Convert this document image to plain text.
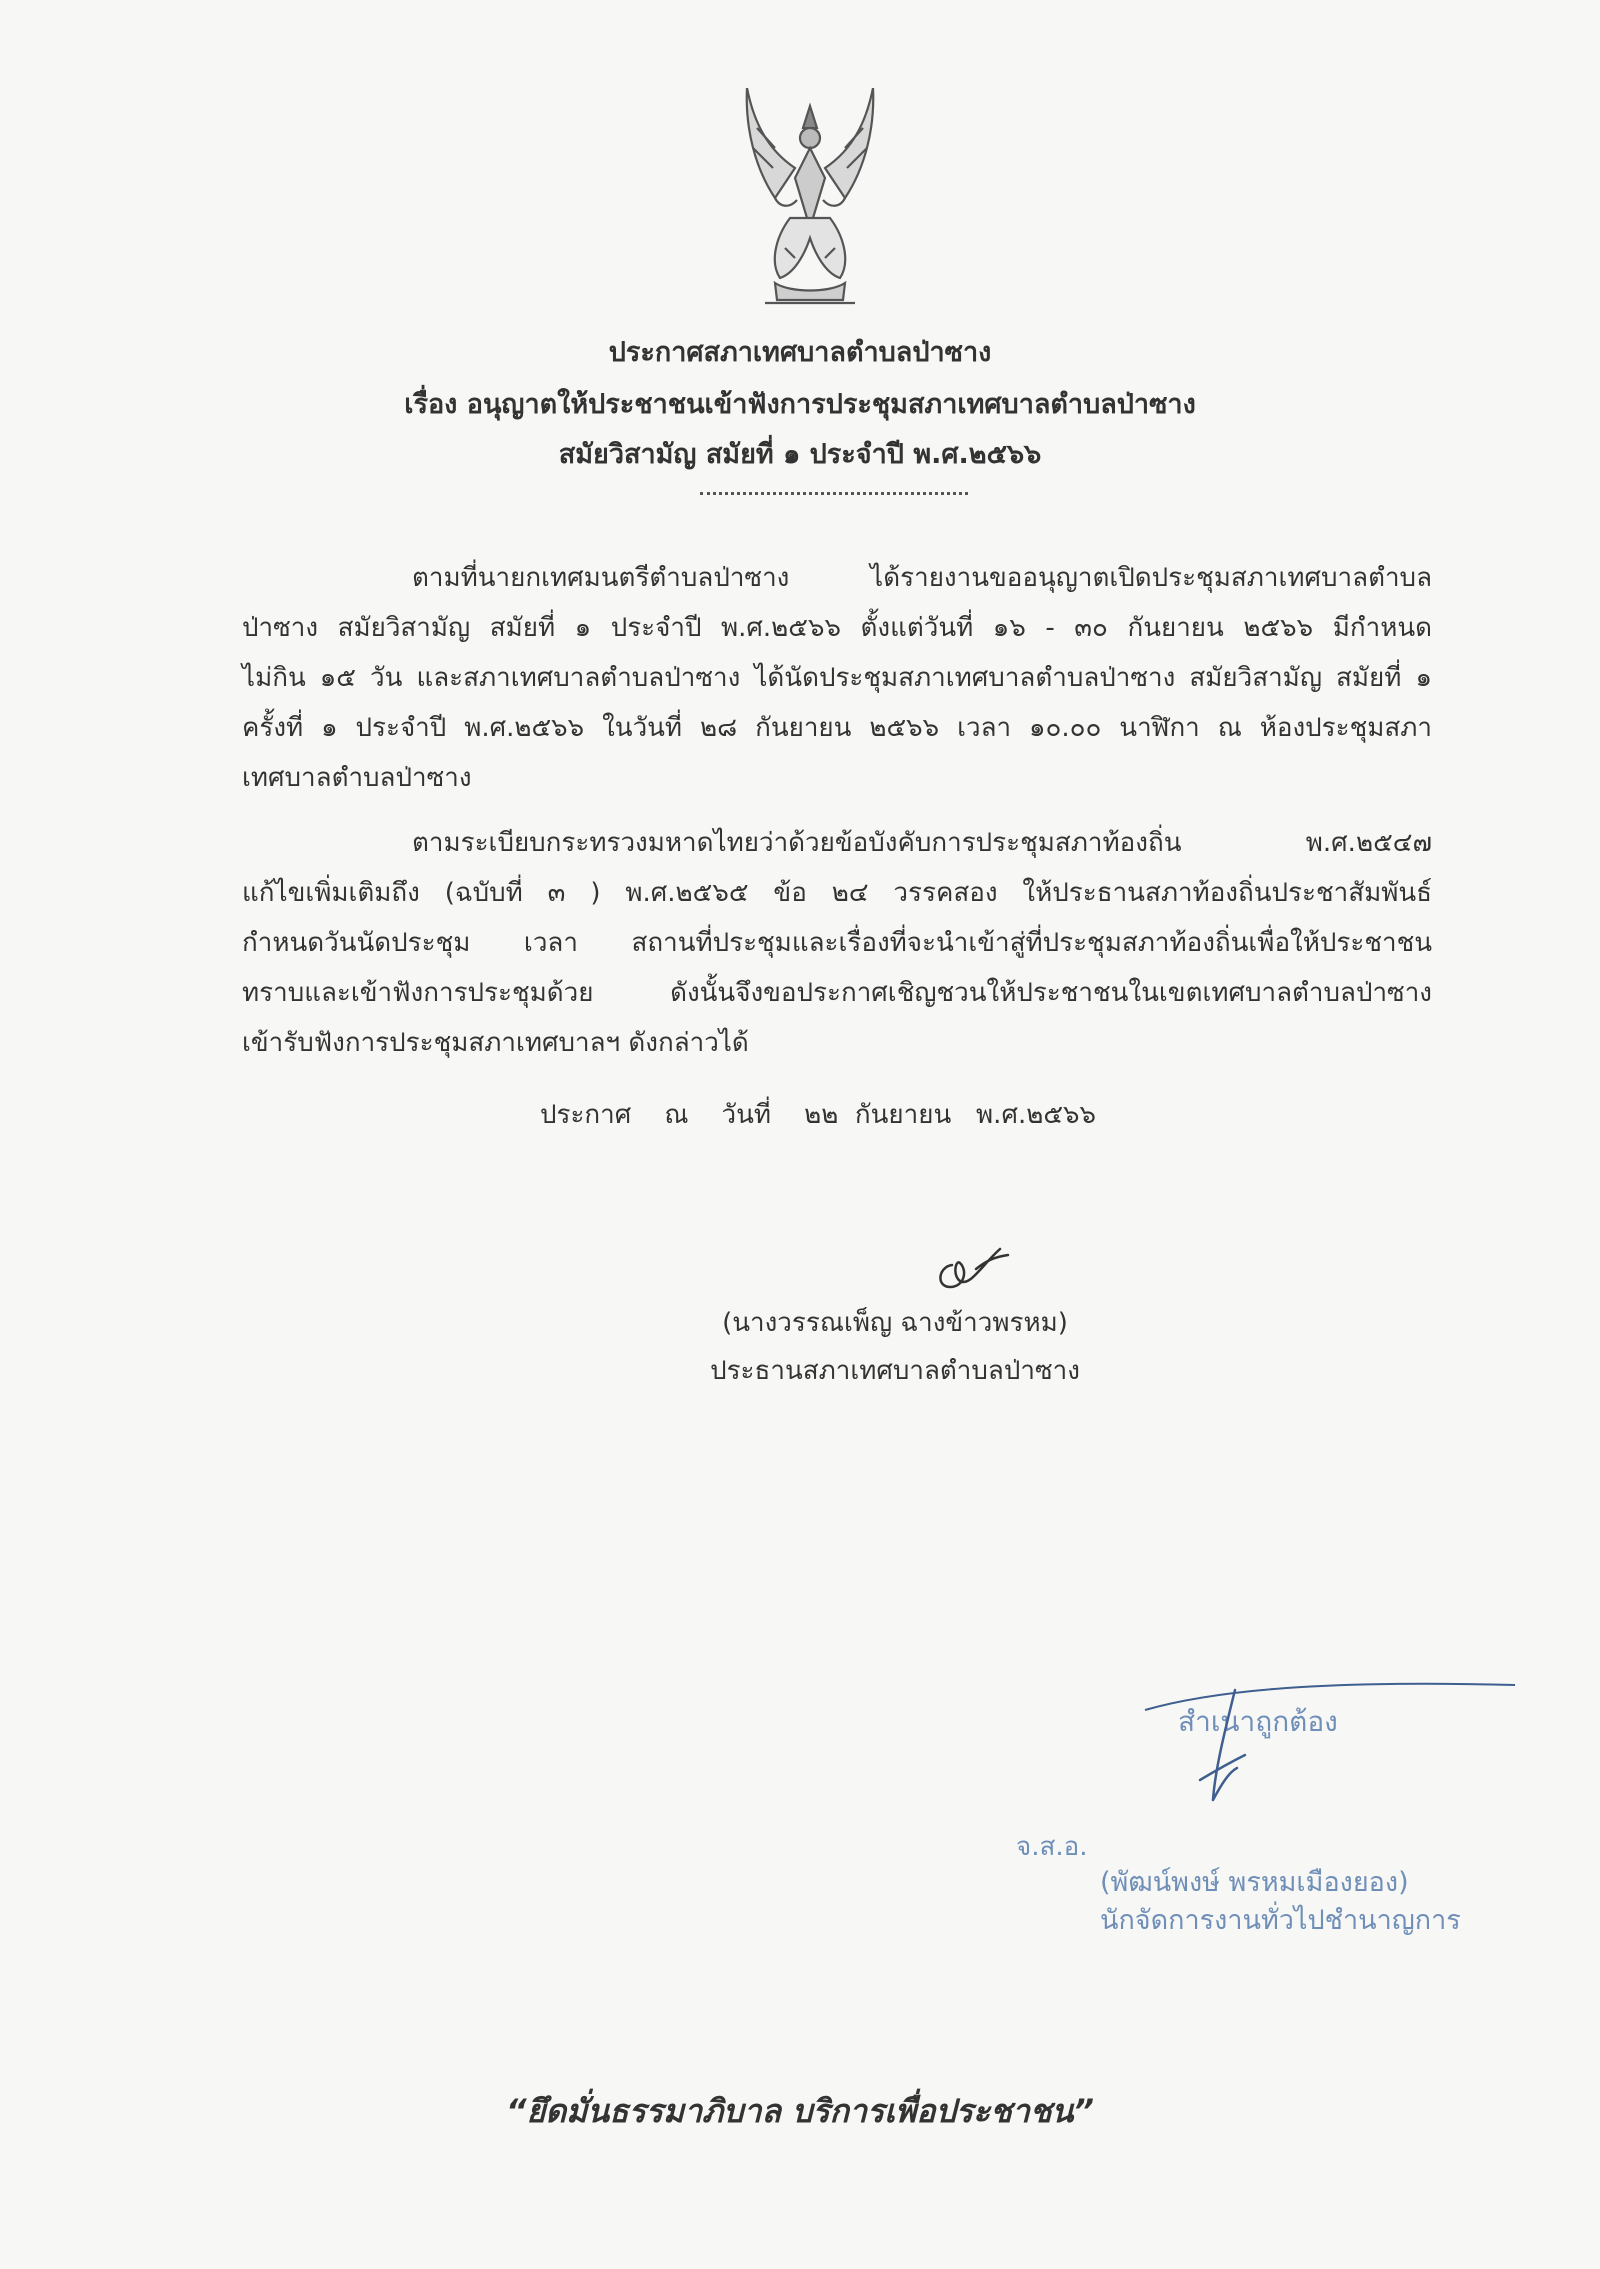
ประกาศสภาเทศบาลตำบลป่าซาง
เรื่อง อนุญาตให้ประชาชนเข้าฟังการประชุมสภาเทศบาลตำบลป่าซาง
สมัยวิสามัญ สมัยที่ ๑ ประจำปี พ.ศ.๒๕๖๖
ตามที่นายกเทศมนตรีตำบลป่าซาง ได้รายงานขออนุญาตเปิดประชุมสภาเทศบาลตำบล
ป่าซาง สมัยวิสามัญ สมัยที่ ๑ ประจำปี พ.ศ.๒๕๖๖ ตั้งแต่วันที่ ๑๖ - ๓๐ กันยายน ๒๕๖๖ มีกำหนด
ไม่กิน ๑๕ วัน และสภาเทศบาลตำบลป่าซาง ได้นัดประชุมสภาเทศบาลตำบลป่าซาง สมัยวิสามัญ สมัยที่ ๑
ครั้งที่ ๑ ประจำปี พ.ศ.๒๕๖๖ ในวันที่ ๒๘ กันยายน ๒๕๖๖ เวลา ๑๐.๐๐ นาฬิกา ณ ห้องประชุมสภา
เทศบาลตำบลป่าซาง
ตามระเบียบกระทรวงมหาดไทยว่าด้วยข้อบังคับการประชุมสภาท้องถิ่น พ.ศ.๒๕๔๗
แก้ไขเพิ่มเติมถึง (ฉบับที่ ๓ ) พ.ศ.๒๕๖๕ ข้อ ๒๔ วรรคสอง ให้ประธานสภาท้องถิ่นประชาสัมพันธ์
กำหนดวันนัดประชุม เวลา สถานที่ประชุมและเรื่องที่จะนำเข้าสู่ที่ประชุมสภาท้องถิ่นเพื่อให้ประชาชน
ทราบและเข้าฟังการประชุมด้วย ดังนั้นจึงขอประกาศเชิญชวนให้ประชาชนในเขตเทศบาลตำบลป่าซาง
เข้ารับฟังการประชุมสภาเทศบาลฯ ดังกล่าวได้
ประกาศ    ณ    วันที่    ๒๒  กันยายน   พ.ศ.๒๕๖๖
(นางวรรณเพ็ญ ฉางข้าวพรหม)
ประธานสภาเทศบาลตำบลป่าซาง
สำเนาถูกต้อง
จ.ส.อ.
(พัฒน์พงษ์ พรหมเมืองยอง)
นักจัดการงานทั่วไปชำนาญการ
“ยึดมั่นธรรมาภิบาล บริการเพื่อประชาชน”
